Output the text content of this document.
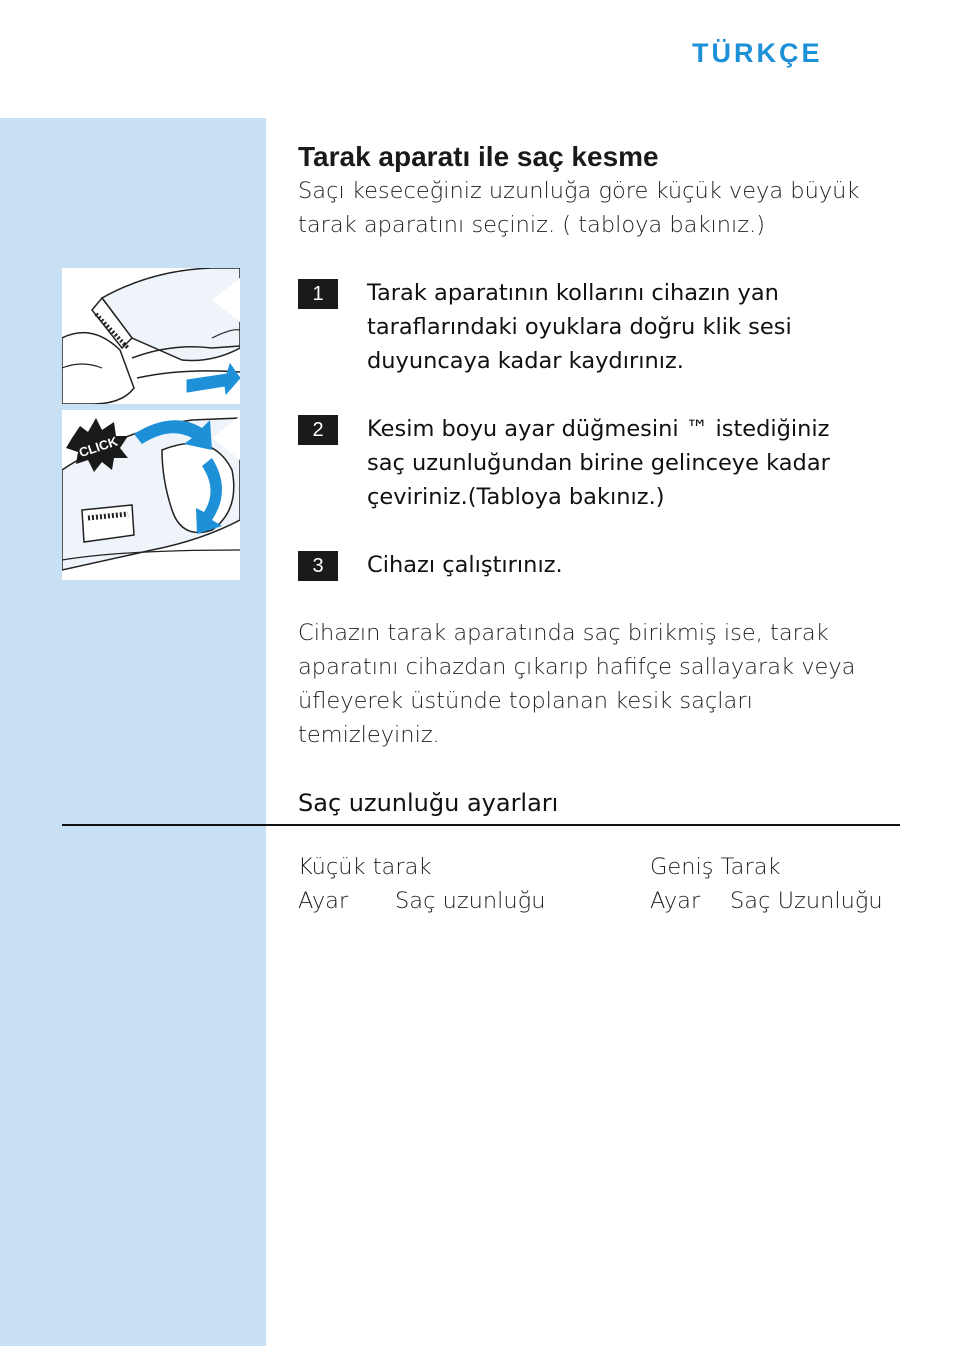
TÜRKÇE
CLICK
Tarak aparatı ile saç kesme
Saçı keseceğiniz uzunluğa göre küçük veya büyük
tarak aparatını seçiniz. ( tabloya bakınız.)
1	Tarak aparatının kollarını cihazın yan
taraflarındaki oyuklara doğru klik sesi
duyuncaya kadar kaydırınız.
2	Kesim boyu ayar düğmesini ™ istediğiniz
saç uzunluğundan birine gelinceye kadar
çeviriniz.(Tabloya bakınız.)
3	Cihazı çalıştırınız.
Cihazın tarak aparatında saç birikmiş ise, tarak
aparatını cihazdan çıkarıp hafifçe sallayarak veya
üfleyerek üstünde toplanan kesik saçları
temizleyiniz.
Saç uzunluğu ayarları
Küçük tarak
Ayar Saç uzunluğu
Geniş Tarak
Ayar Saç Uzunluğu
